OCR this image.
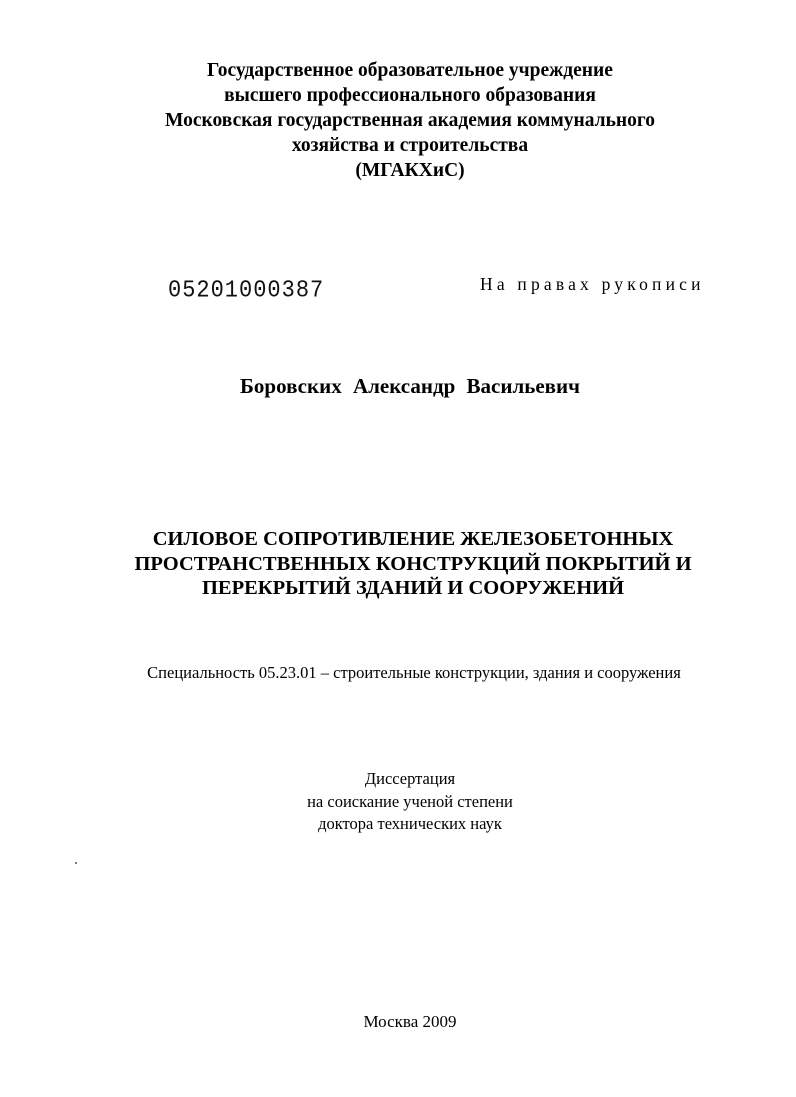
Государственное образовательное учреждение
высшего профессионального образования
Московская государственная академия коммунального
хозяйства и строительства
(МГАКХиС)
05201000387	На правах рукописи
Боровских Александр Васильевич
СИЛОВОЕ СОПРОТИВЛЕНИЕ ЖЕЛЕЗОБЕТОННЫХ
ПРОСТРАНСТВЕННЫХ КОНСТРУКЦИЙ ПОКРЫТИЙ И
ПЕРЕКРЫТИЙ ЗДАНИЙ И СООРУЖЕНИЙ
Специальность 05.23.01 – строительные конструкции, здания и сооружения
Диссертация
на соискание ученой степени
доктора технических наук
Москва 2009
